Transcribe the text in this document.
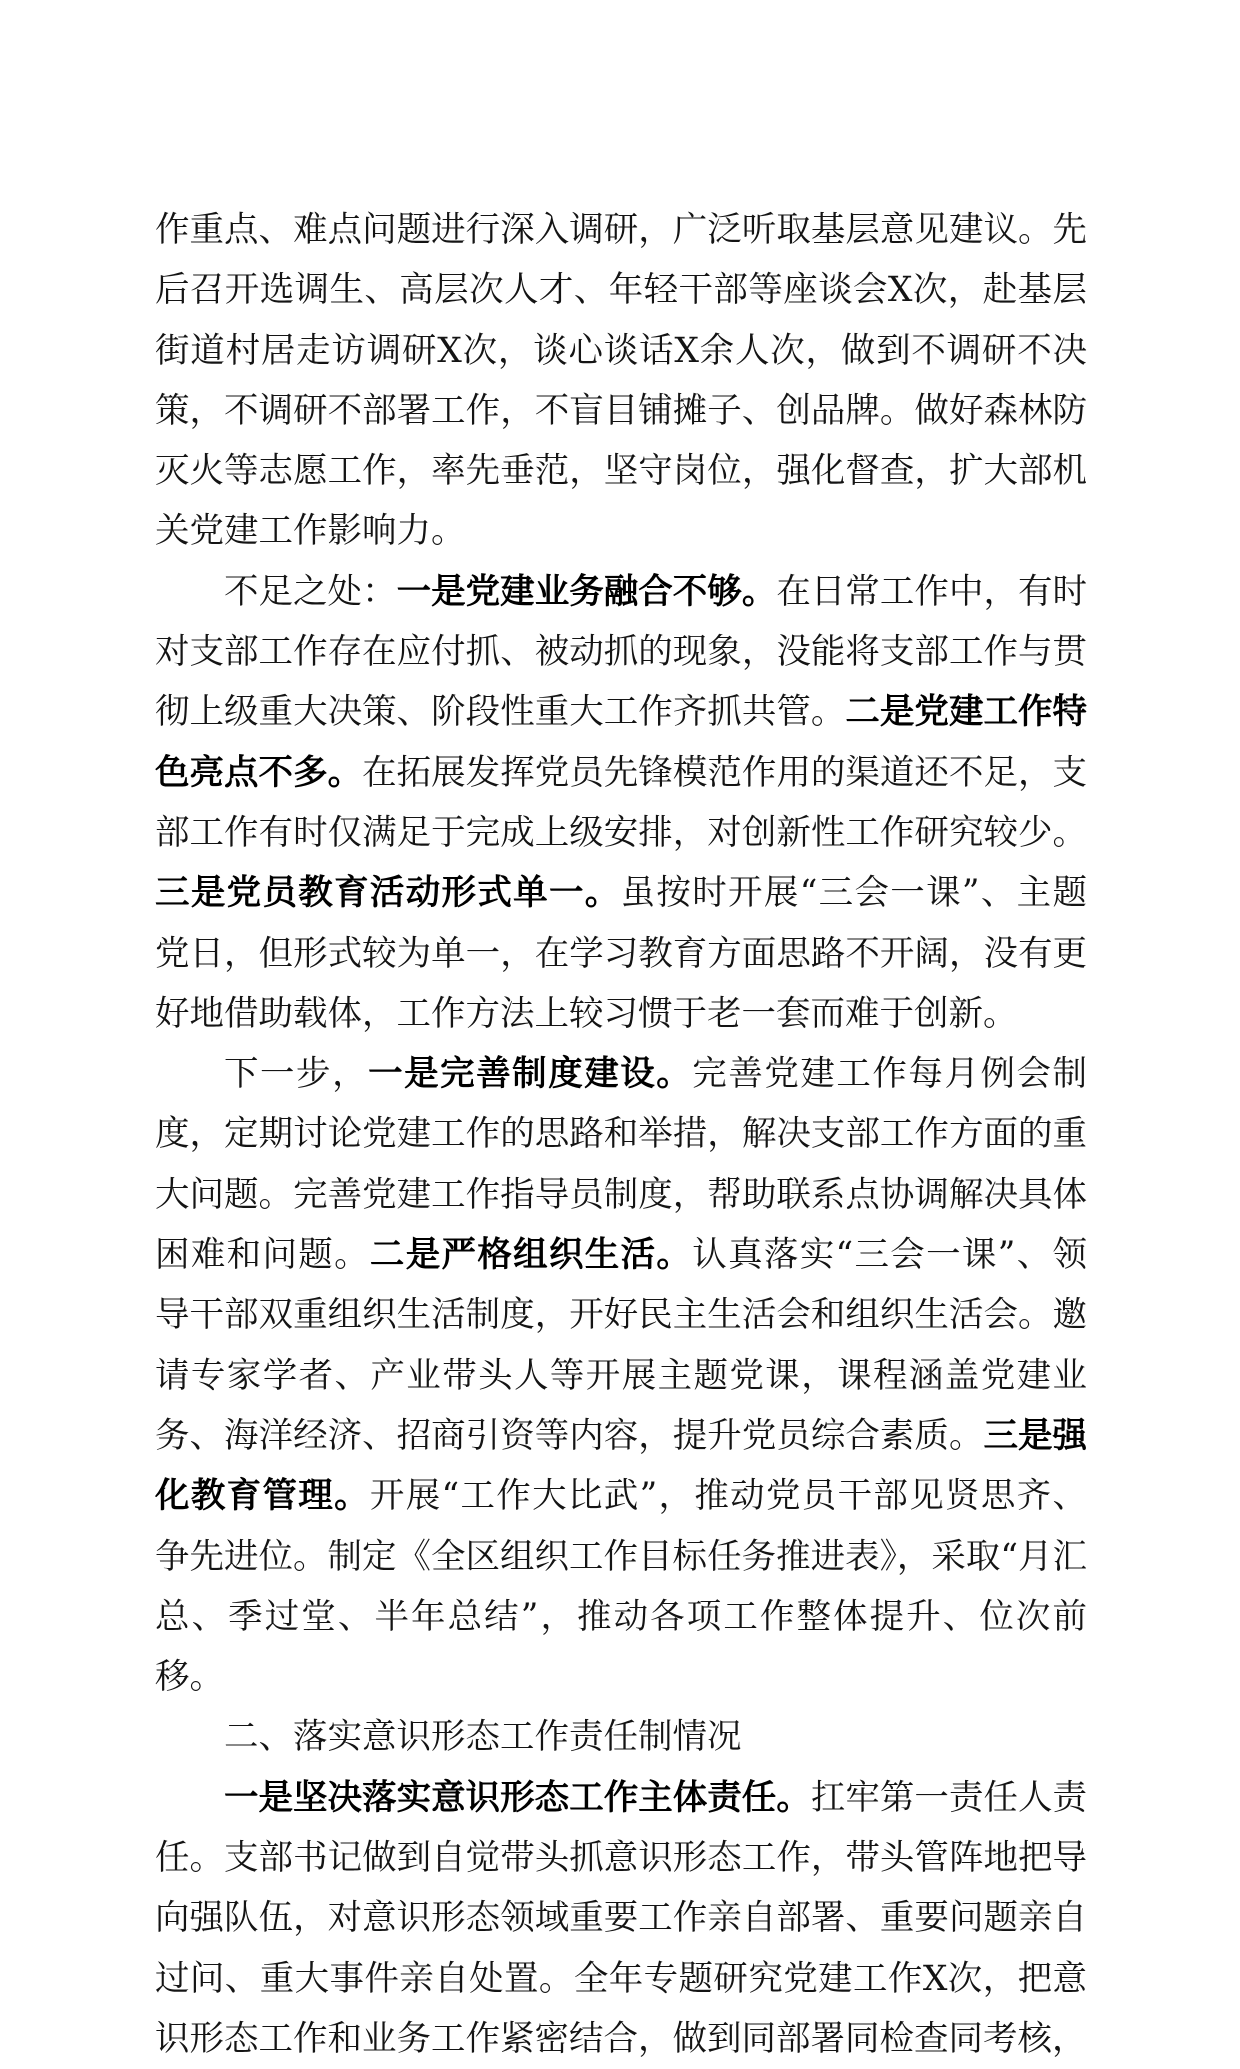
作重点、难点问题进行深入调研，广泛听取基层意见建议。先后召开选调生、高层次人才、年轻干部等座谈会X次，赴基层街道村居走访调研X次，谈心谈话X余人次，做到不调研不决策，不调研不部署工作，不盲目铺摊子、创品牌。做好森林防灭火等志愿工作，率先垂范，坚守岗位，强化督查，扩大部机关党建工作影响力。

不足之处：一是党建业务融合不够。在日常工作中，有时对支部工作存在应付抓、被动抓的现象，没能将支部工作与贯彻上级重大决策、阶段性重大工作齐抓共管。二是党建工作特色亮点不多。在拓展发挥党员先锋模范作用的渠道还不足，支部工作有时仅满足于完成上级安排，对创新性工作研究较少。三是党员教育活动形式单一。虽按时开展“三会一课”、主题党日，但形式较为单一，在学习教育方面思路不开阔，没有更好地借助载体，工作方法上较习惯于老一套而难于创新。

下一步，一是完善制度建设。完善党建工作每月例会制度，定期讨论党建工作的思路和举措，解决支部工作方面的重大问题。完善党建工作指导员制度，帮助联系点协调解决具体困难和问题。二是严格组织生活。认真落实“三会一课”、领导干部双重组织生活制度，开好民主生活会和组织生活会。邀请专家学者、产业带头人等开展主题党课，课程涵盖党建业务、海洋经济、招商引资等内容，提升党员综合素质。三是强化教育管理。开展“工作大比武”，推动党员干部见贤思齐、争先进位。制定《全区组织工作目标任务推进表》，采取“月汇总、季过堂、半年总结”，推动各项工作整体提升、位次前移。

二、落实意识形态工作责任制情况

一是坚决落实意识形态工作主体责任。扛牢第一责任人责任。支部书记做到自觉带头抓意识形态工作，带头管阵地把导向强队伍，对意识形态领域重要工作亲自部署、重要问题亲自过问、重大事件亲自处置。全年专题研究党建工作X次，把意识形态工作和业务工作紧密结合，做到同部署同检查同考核，
